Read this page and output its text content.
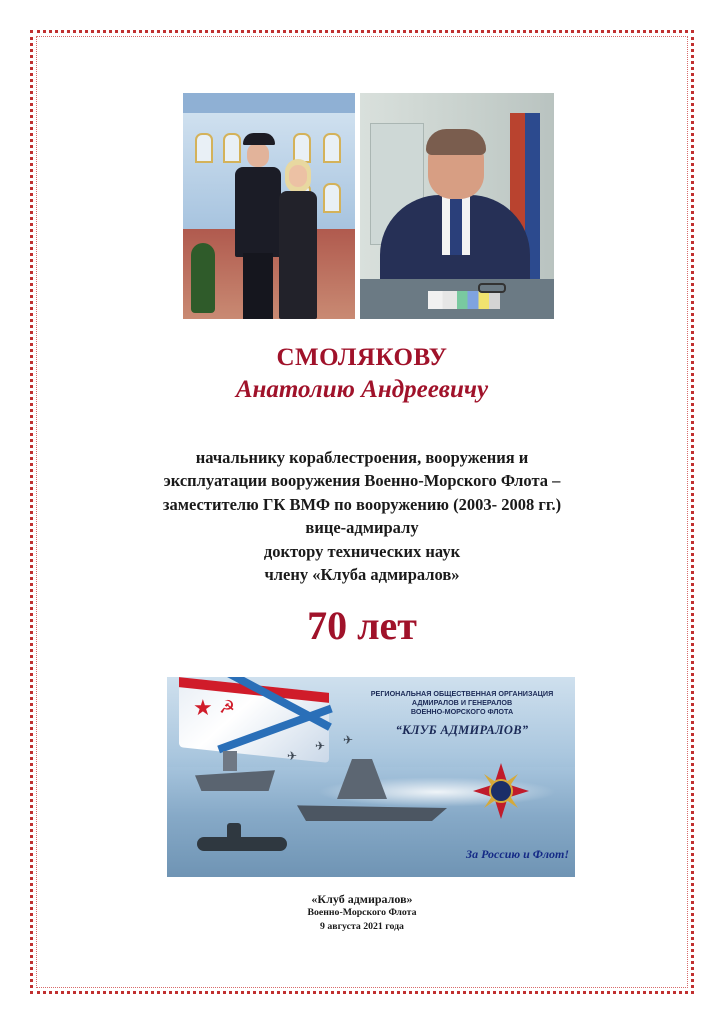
СМОЛЯКОВУ
Анатолию Андреевичу
начальнику кораблестроения, вооружения и
эксплуатации вооружения Военно-Морского Флота –
заместителю ГК ВМФ по вооружению (2003- 2008 гг.)
вице-адмиралу
доктору технических наук
члену «Клуба адмиралов»
70 лет
★ ☭
✈
✈
✈
РЕГИОНАЛЬНАЯ ОБЩЕСТВЕННАЯ ОРГАНИЗАЦИЯ
АДМИРАЛОВ И ГЕНЕРАЛОВ
ВОЕННО-МОРСКОГО ФЛОТА
“КЛУБ АДМИРАЛОВ”
За Россию и Флот!
«Клуб адмиралов»
Военно-Морского Флота
9 августа 2021 года
